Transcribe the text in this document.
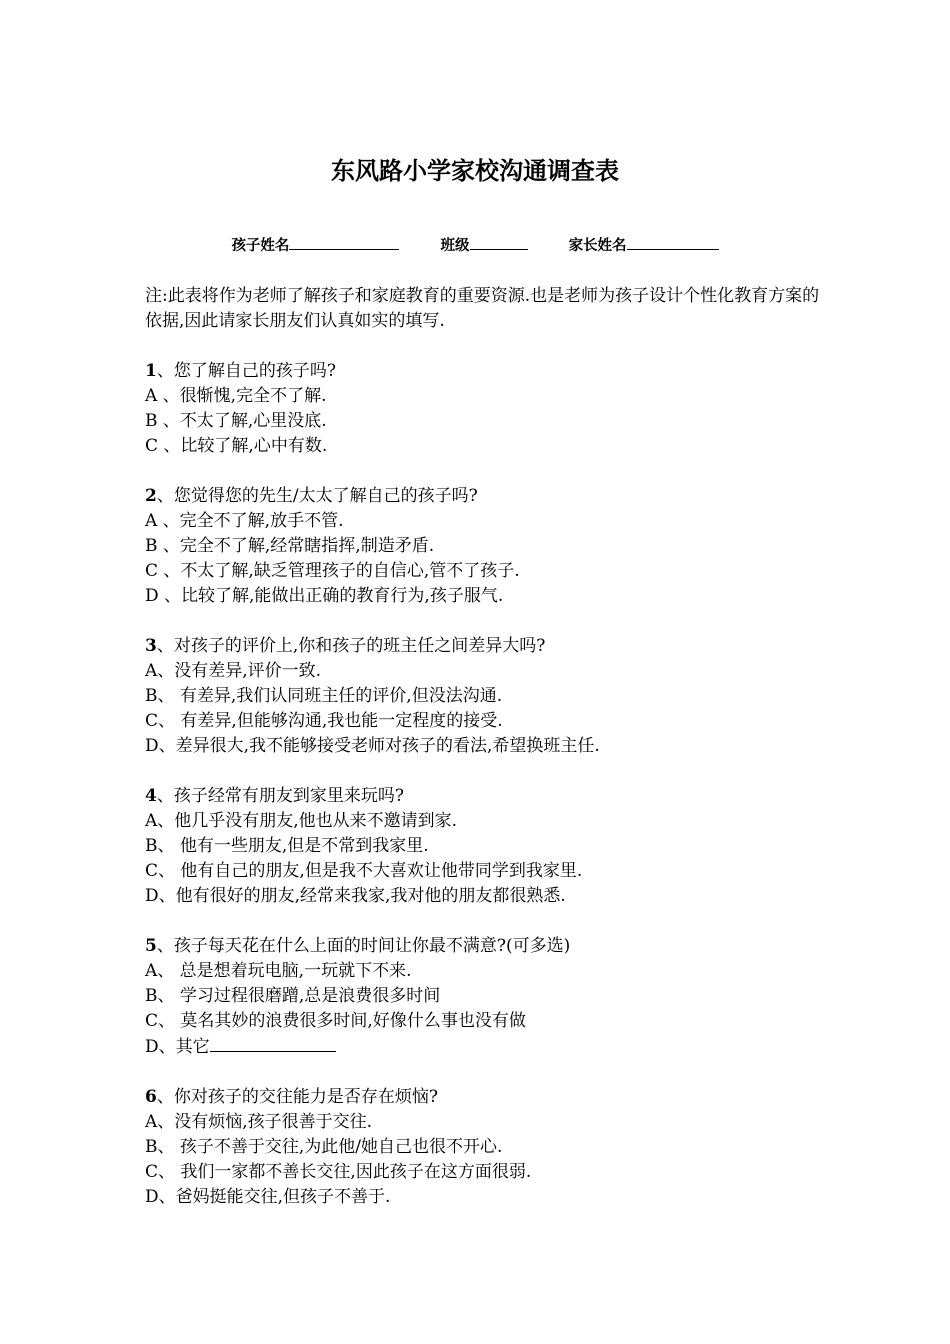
东风路小学家校沟通调查表
孩子姓名	班级	家长姓名
注:此表将作为老师了解孩子和家庭教育的重要资源.也是老师为孩子设计个性化教育方案的依据,因此请家长朋友们认真如实的填写.
1、您了解自己的孩子吗?
A 、很惭愧,完全不了解.
B 、不太了解,心里没底.
C 、比较了解,心中有数.
2、您觉得您的先生/太太了解自己的孩子吗?
A 、完全不了解,放手不管.
B 、完全不了解,经常瞎指挥,制造矛盾.
C 、不太了解,缺乏管理孩子的自信心,管不了孩子.
D 、比较了解,能做出正确的教育行为,孩子服气.
3、对孩子的评价上,你和孩子的班主任之间差异大吗?
A、没有差异,评价一致.
B、 有差异,我们认同班主任的评价,但没法沟通.
C、 有差异,但能够沟通,我也能一定程度的接受.
D、差异很大,我不能够接受老师对孩子的看法,希望换班主任.
4、孩子经常有朋友到家里来玩吗?
A、他几乎没有朋友,他也从来不邀请到家.
B、 他有一些朋友,但是不常到我家里.
C、 他有自己的朋友,但是我不大喜欢让他带同学到我家里.
D、他有很好的朋友,经常来我家,我对他的朋友都很熟悉.
5、孩子每天花在什么上面的时间让你最不满意?(可多选)
A、 总是想着玩电脑,一玩就下不来.
B、 学习过程很磨蹭,总是浪费很多时间
C、 莫名其妙的浪费很多时间,好像什么事也没有做
D、其它
6、你对孩子的交往能力是否存在烦恼?
A、没有烦恼,孩子很善于交往.
B、 孩子不善于交往,为此他/她自己也很不开心.
C、 我们一家都不善长交往,因此孩子在这方面很弱.
D、爸妈挺能交往,但孩子不善于.
